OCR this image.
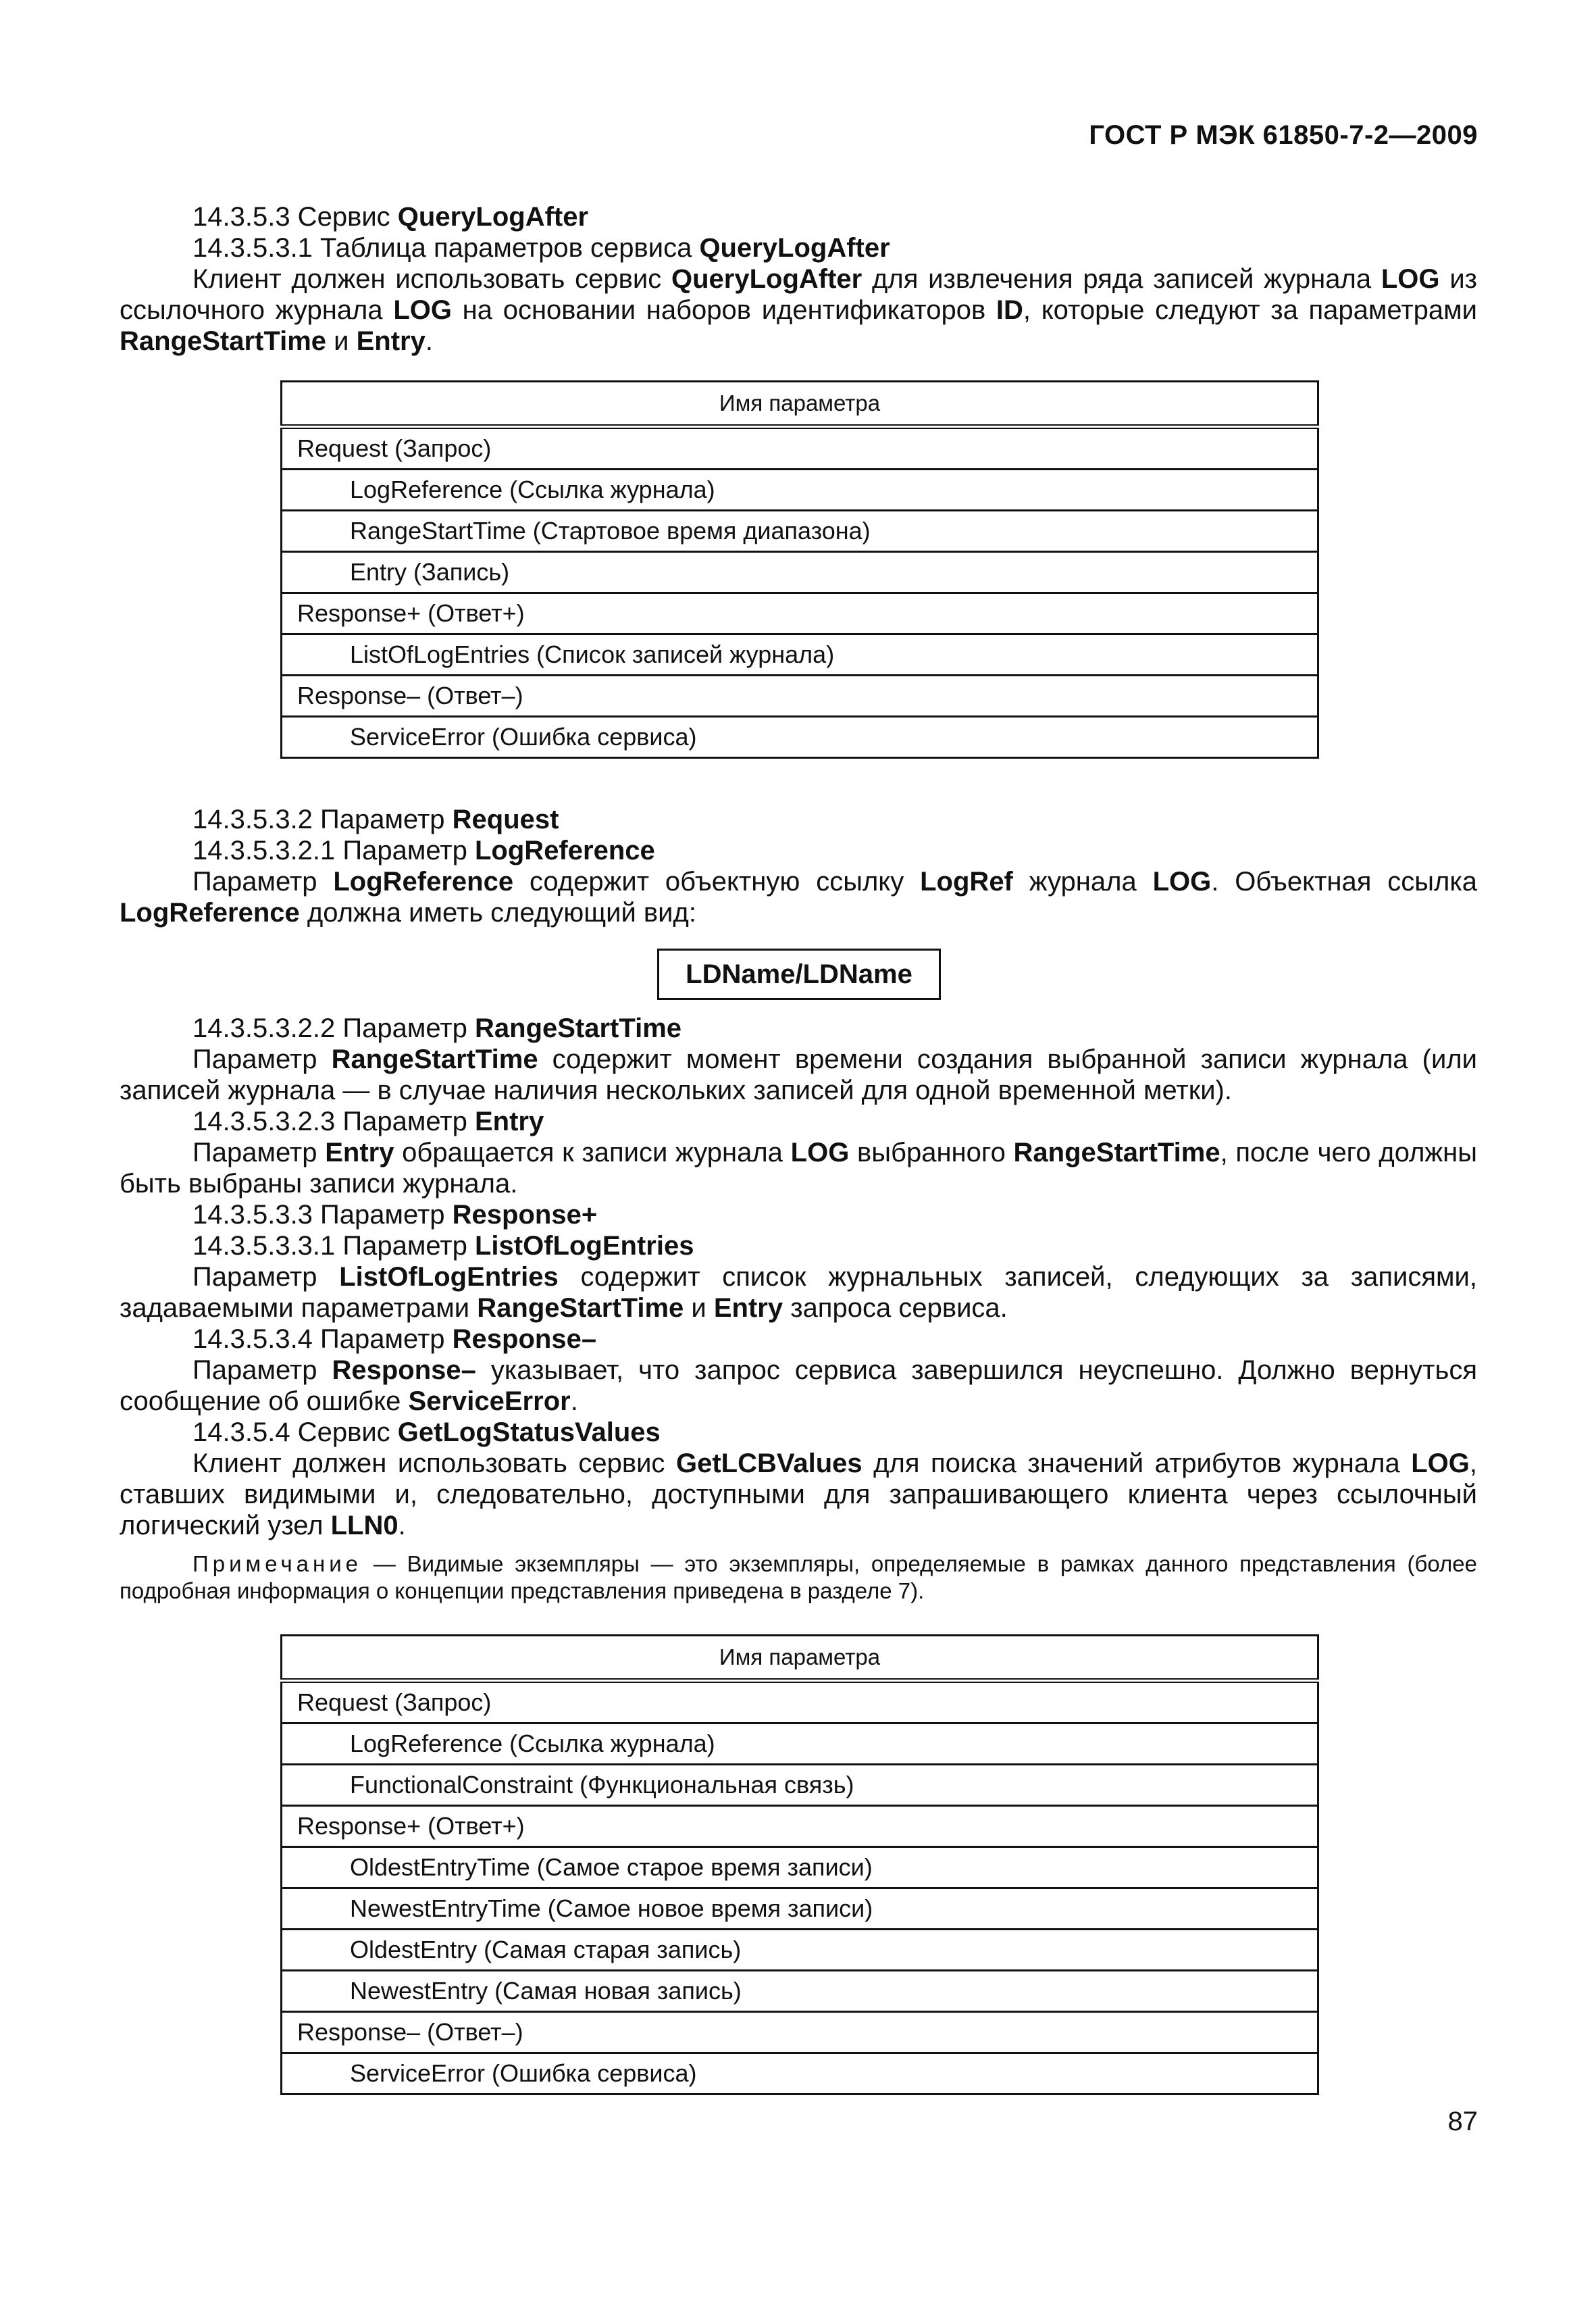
ГОСТ Р МЭК 61850-7-2—2009

14.3.5.3 Сервис QueryLogAfter

14.3.5.3.1 Таблица параметров сервиса QueryLogAfter

Клиент должен использовать сервис QueryLogAfter для извлечения ряда записей журнала LOG из ссылочного журнала LOG на основании наборов идентификаторов ID, которые следуют за параметрами RangeStartTime и Entry.

Имя параметра
Request (Запрос)
LogReference (Ссылка журнала)
RangeStartTime (Стартовое время диапазона)
Entry (Запись)
Response+ (Ответ+)
ListOfLogEntries (Список записей журнала)
Response– (Ответ–)
ServiceError (Ошибка сервиса)

14.3.5.3.2 Параметр Request

14.3.5.3.2.1 Параметр LogReference

Параметр LogReference содержит объектную ссылку LogRef журнала LOG. Объектная ссылка LogReference должна иметь следующий вид:

LDName/LDName

14.3.5.3.2.2 Параметр RangeStartTime

Параметр RangeStartTime содержит момент времени создания выбранной записи журнала (или записей журнала — в случае наличия нескольких записей для одной временной метки).

14.3.5.3.2.3 Параметр Entry

Параметр Entry обращается к записи журнала LOG выбранного RangeStartTime, после чего должны быть выбраны записи журнала.

14.3.5.3.3 Параметр Response+

14.3.5.3.3.1 Параметр ListOfLogEntries

Параметр ListOfLogEntries содержит список журнальных записей, следующих за записями, задаваемыми параметрами RangeStartTime и Entry запроса сервиса.

14.3.5.3.4 Параметр Response–

Параметр Response– указывает, что запрос сервиса завершился неуспешно. Должно вернуться сообщение об ошибке ServiceError.

14.3.5.4 Сервис GetLogStatusValues

Клиент должен использовать сервис GetLCBValues для поиска значений атрибутов журнала LOG, ставших видимыми и, следовательно, доступными для запрашивающего клиента через ссылочный логический узел LLN0.

Примечание — Видимые экземпляры — это экземпляры, определяемые в рамках данного представления (более подробная информация о концепции представления приведена в разделе 7).

Имя параметра
Request (Запрос)
LogReference (Ссылка журнала)
FunctionalConstraint (Функциональная связь)
Response+ (Ответ+)
OldestEntryTime (Самое старое время записи)
NewestEntryTime (Самое новое время записи)
OldestEntry (Самая старая запись)
NewestEntry (Самая новая запись)
Response– (Ответ–)
ServiceError (Ошибка сервиса)
87
